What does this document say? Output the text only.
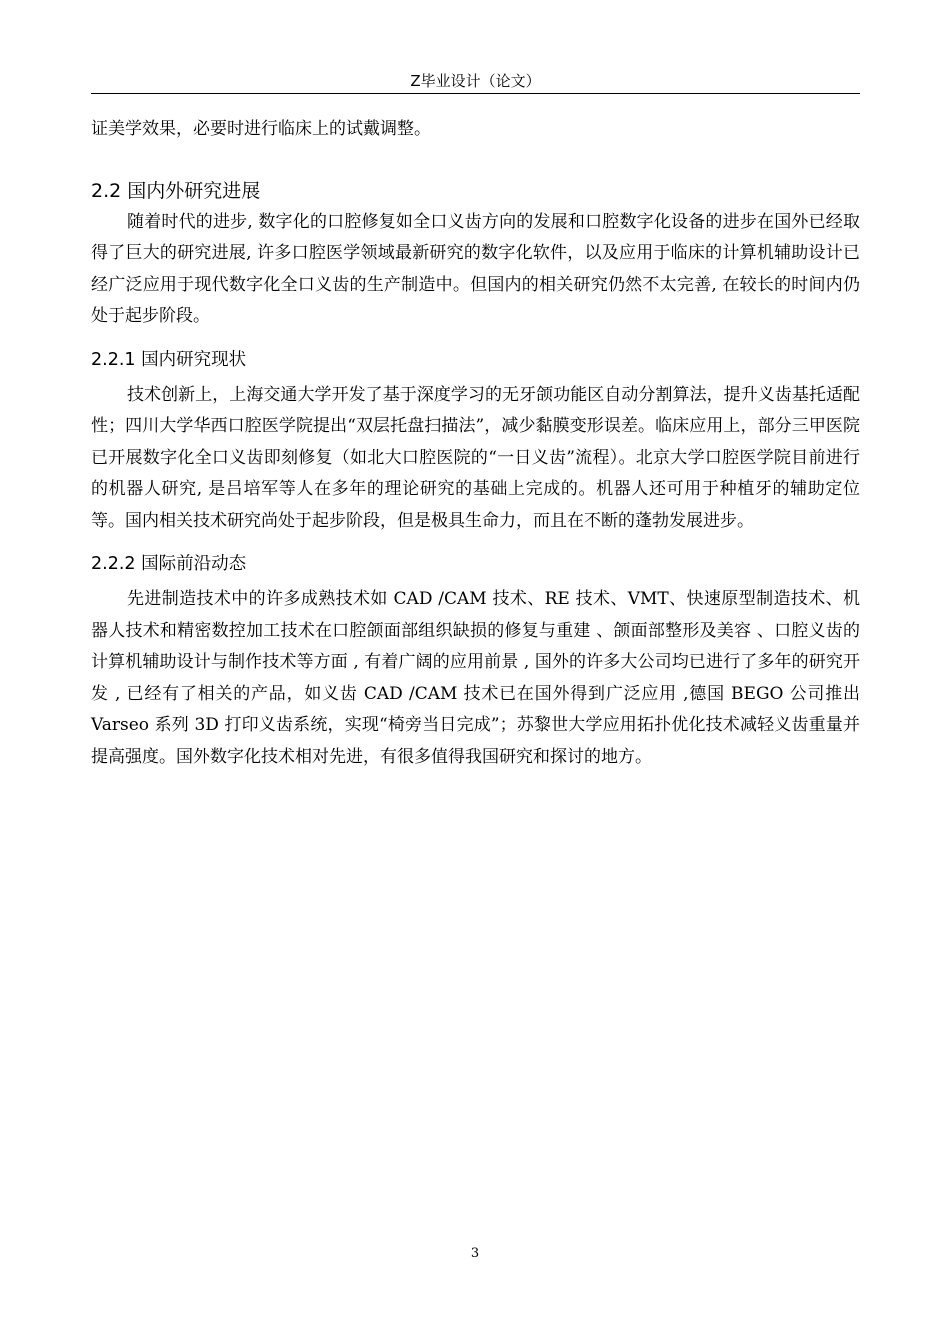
Z毕业设计（论文）

证美学效果，必要时进行临床上的试戴调整。

2.2 国内外研究进展

随着时代的进步, 数字化的口腔修复如全口义齿方向的发展和口腔数字化设备的进步在国外已经取得了巨大的研究进展, 许多口腔医学领域最新研究的数字化软件，以及应用于临床的计算机辅助设计已经广泛应用于现代数字化全口义齿的生产制造中。但国内的相关研究仍然不太完善, 在较长的时间内仍处于起步阶段。

2.2.1 国内研究现状

技术创新上，上海交通大学开发了基于深度学习的无牙颌功能区自动分割算法，提升义齿基托适配性；四川大学华西口腔医学院提出“双层托盘扫描法”，减少黏膜变形误差。临床应用上，部分三甲医院已开展数字化全口义齿即刻修复（如北大口腔医院的“一日义齿”流程）。北京大学口腔医学院目前进行的机器人研究, 是吕培军等人在多年的理论研究的基础上完成的。机器人还可用于种植牙的辅助定位等。国内相关技术研究尚处于起步阶段，但是极具生命力，而且在不断的蓬勃发展进步。

2.2.2 国际前沿动态

先进制造技术中的许多成熟技术如 CAD /CAM 技术、RE 技术、VMT、快速原型制造技术、机器人技术和精密数控加工技术在口腔颌面部组织缺损的修复与重建 、颌面部整形及美容 、口腔义齿的计算机辅助设计与制作技术等方面 , 有着广阔的应用前景 , 国外的许多大公司均已进行了多年的研究开发 , 已经有了相关的产品，如义齿 CAD /CAM 技术已在国外得到广泛应用 ,德国 BEGO 公司推出 Varseo 系列 3D 打印义齿系统，实现“椅旁当日完成”；苏黎世大学应用拓扑优化技术减轻义齿重量并提高强度。国外数字化技术相对先进，有很多值得我国研究和探讨的地方。

3
